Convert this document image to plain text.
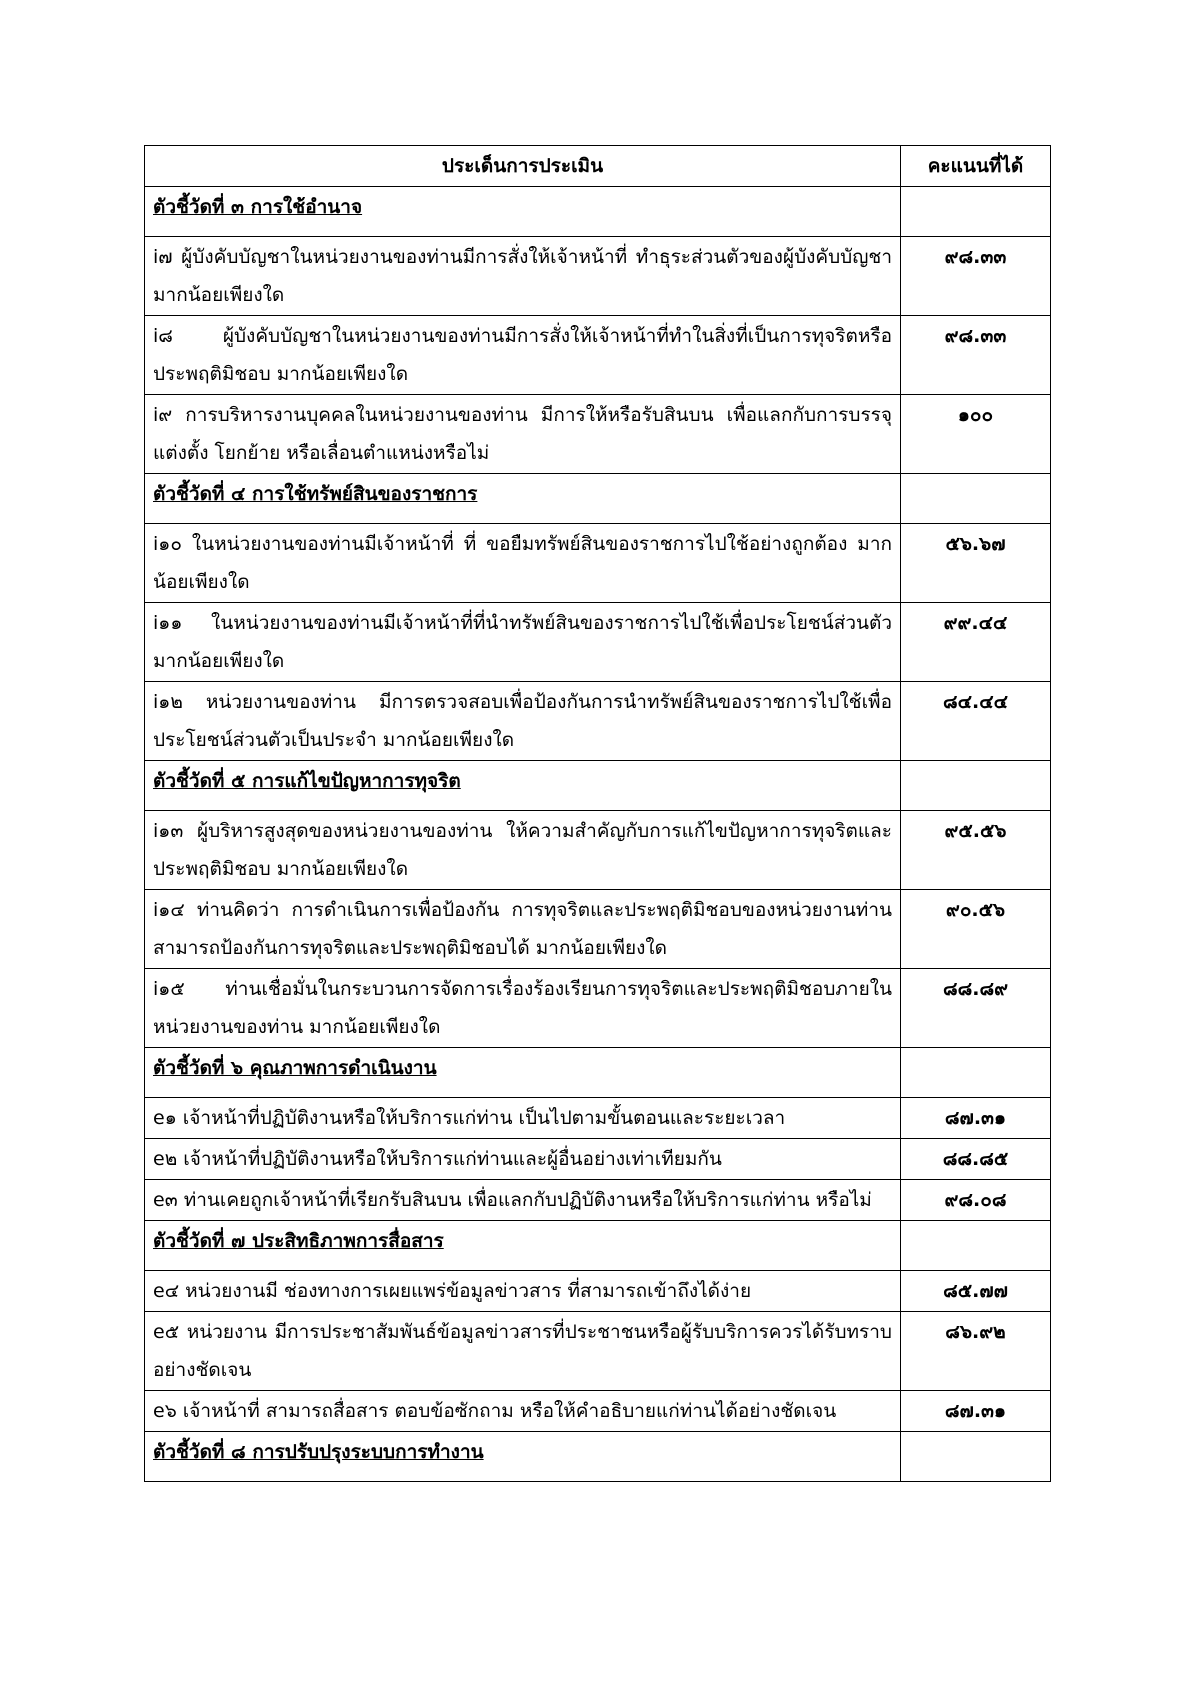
ประเด็นการประเมิน	คะแนนที่ได้
ตัวชี้วัดที่ ๓ การใช้อำนาจ	
i๗ ผู้บังคับบัญชาในหน่วยงานของท่านมีการสั่งให้เจ้าหน้าที่ ทำธุระส่วนตัวของผู้บังคับบัญชา มากน้อยเพียงใด	๙๘.๓๓
i๘ ผู้บังคับบัญชาในหน่วยงานของท่านมีการสั่งให้เจ้าหน้าที่ทำในสิ่งที่เป็นการทุจริตหรือประพฤติมิชอบ มากน้อยเพียงใด	๙๘.๓๓
i๙ การบริหารงานบุคคลในหน่วยงานของท่าน มีการให้หรือรับสินบน เพื่อแลกกับการบรรจุ แต่งตั้ง โยกย้าย หรือเลื่อนตำแหน่งหรือไม่	๑๐๐
ตัวชี้วัดที่ ๔ การใช้ทรัพย์สินของราชการ	
i๑๐ ในหน่วยงานของท่านมีเจ้าหน้าที่ ที่ ขอยืมทรัพย์สินของราชการไปใช้อย่างถูกต้อง มากน้อยเพียงใด	๕๖.๖๗
i๑๑ ในหน่วยงานของท่านมีเจ้าหน้าที่ที่นำทรัพย์สินของราชการไปใช้เพื่อประโยชน์ส่วนตัว มากน้อยเพียงใด	๙๙.๔๔
i๑๒ หน่วยงานของท่าน มีการตรวจสอบเพื่อป้องกันการนำทรัพย์สินของราชการไปใช้เพื่อประโยชน์ส่วนตัวเป็นประจำ มากน้อยเพียงใด	๘๔.๔๔
ตัวชี้วัดที่ ๕ การแก้ไขปัญหาการทุจริต	
i๑๓ ผู้บริหารสูงสุดของหน่วยงานของท่าน ให้ความสำคัญกับการแก้ไขปัญหาการทุจริตและประพฤติมิชอบ มากน้อยเพียงใด	๙๕.๕๖
i๑๔ ท่านคิดว่า การดำเนินการเพื่อป้องกัน การทุจริตและประพฤติมิชอบของหน่วยงานท่าน สามารถป้องกันการทุจริตและประพฤติมิชอบได้ มากน้อยเพียงใด	๙๐.๕๖
i๑๕ ท่านเชื่อมั่นในกระบวนการจัดการเรื่องร้องเรียนการทุจริตและประพฤติมิชอบภายในหน่วยงานของท่าน มากน้อยเพียงใด	๘๘.๘๙
ตัวชี้วัดที่ ๖ คุณภาพการดำเนินงาน	
e๑ เจ้าหน้าที่ปฏิบัติงานหรือให้บริการแก่ท่าน เป็นไปตามขั้นตอนและระยะเวลา	๘๗.๓๑
e๒ เจ้าหน้าที่ปฏิบัติงานหรือให้บริการแก่ท่านและผู้อื่นอย่างเท่าเทียมกัน	๘๘.๘๕
e๓ ท่านเคยถูกเจ้าหน้าที่เรียกรับสินบน เพื่อแลกกับปฏิบัติงานหรือให้บริการแก่ท่าน หรือไม่	๙๘.๐๘
ตัวชี้วัดที่ ๗ ประสิทธิภาพการสื่อสาร	
e๔ หน่วยงานมี ช่องทางการเผยแพร่ข้อมูลข่าวสาร ที่สามารถเข้าถึงได้ง่าย	๘๕.๗๗
e๕ หน่วยงาน มีการประชาสัมพันธ์ข้อมูลข่าวสารที่ประชาชนหรือผู้รับบริการควรได้รับทราบอย่างชัดเจน	๘๖.๙๒
e๖ เจ้าหน้าที่ สามารถสื่อสาร ตอบข้อซักถาม หรือให้คำอธิบายแก่ท่านได้อย่างชัดเจน	๘๗.๓๑
ตัวชี้วัดที่ ๘ การปรับปรุงระบบการทำงาน	
